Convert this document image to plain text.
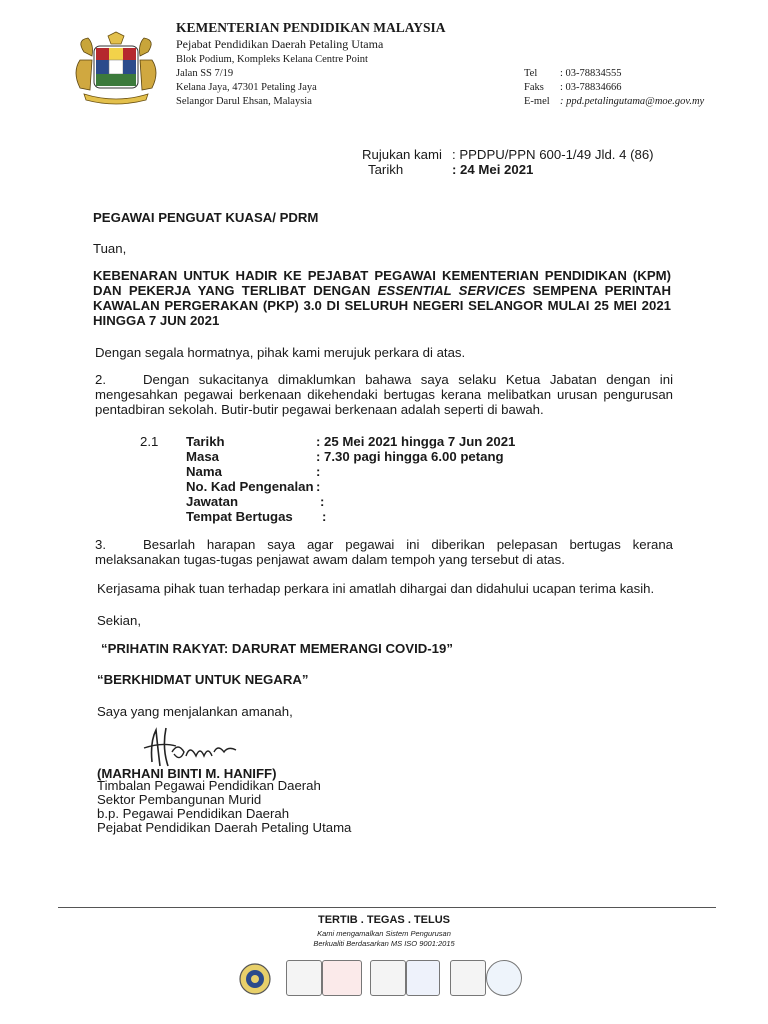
KEMENTERIAN PENDIDIKAN MALAYSIA
Pejabat Pendidikan Daerah Petaling Utama
Blok Podium, Kompleks Kelana Centre Point
Jalan SS 7/19
Kelana Jaya, 47301 Petaling Jaya
Selangor Darul Ehsan, Malaysia
Tel : 03-78834555
Faks : 03-78834666
E-mel : ppd.petalingutama@moe.gov.my
Rujukan kami : PPDPU/PPN 600-1/49 Jld. 4 (86)
Tarikh	: 24 Mei 2021
PEGAWAI PENGUAT KUASA/ PDRM
Tuan,
KEBENARAN UNTUK HADIR KE PEJABAT PEGAWAI KEMENTERIAN PENDIDIKAN (KPM) DAN PEKERJA YANG TERLIBAT DENGAN ESSENTIAL SERVICES SEMPENA PERINTAH KAWALAN PERGERAKAN (PKP) 3.0 DI SELURUH NEGERI SELANGOR MULAI 25 MEI 2021 HINGGA 7 JUN 2021
Dengan segala hormatnya, pihak kami merujuk perkara di atas.
2.	Dengan sukacitanya dimaklumkan bahawa saya selaku Ketua Jabatan dengan ini mengesahkan pegawai berkenaan dikehendaki bertugas kerana melibatkan urusan pengurusan pentadbiran sekolah. Butir-butir pegawai berkenaan adalah seperti di bawah.
2.1 Tarikh	: 25 Mei 2021 hingga 7 Jun 2021
Masa	: 7.30 pagi hingga 6.00 petang
Nama	:
No. Kad Pengenalan :
Jawatan	:
Tempat Bertugas	:
3.	Besarlah harapan saya agar pegawai ini diberikan pelepasan bertugas kerana melaksanakan tugas-tugas penjawat awam dalam tempoh yang tersebut di atas.
Kerjasama pihak tuan terhadap perkara ini amatlah dihargai dan didahului ucapan terima kasih.
Sekian,
“PRIHATIN RAKYAT: DARURAT MEMERANGI COVID-19”
“BERKHIDMAT UNTUK NEGARA”
Saya yang menjalankan amanah,
(MARHANI BINTI M. HANIFF)
Timbalan Pegawai Pendidikan Daerah
Sektor Pembangunan Murid
b.p. Pegawai Pendidikan Daerah
Pejabat Pendidikan Daerah Petaling Utama
TERTIB . TEGAS . TELUS
Kami mengamalkan Sistem Pengurusan
Berkualiti Berdasarkan MS ISO 9001:2015
